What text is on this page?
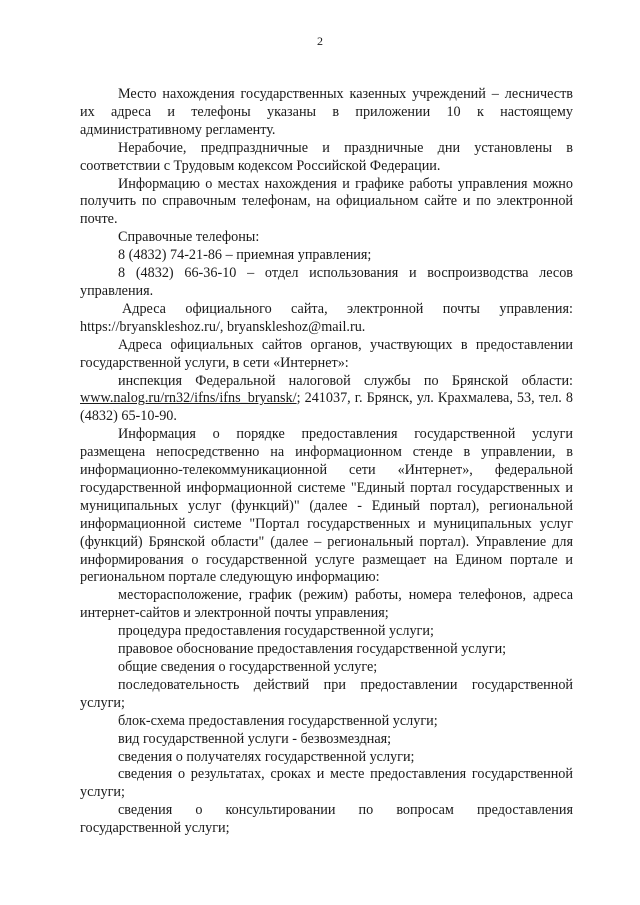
2

Место нахождения государственных казенных учреждений – лесничеств их адреса и телефоны указаны в приложении 10 к настоящему административному регламенту.

Нерабочие, предпраздничные и праздничные дни установлены в соответствии с Трудовым кодексом Российской Федерации.

Информацию о местах нахождения и графике работы управления можно получить по справочным телефонам, на официальном сайте и по электронной почте.

Справочные телефоны:

8 (4832) 74-21-86 – приемная управления;

8 (4832) 66-36-10 – отдел использования и воспроизводства лесов управления.

Адреса официального сайта, электронной почты управления: https://bryanskleshoz.ru/, bryanskleshoz@mail.ru.

Адреса официальных сайтов органов, участвующих в предоставлении государственной услуги, в сети «Интернет»:

инспекция Федеральной налоговой службы по Брянской области: www.nalog.ru/rn32/ifns/ifns_bryansk/; 241037, г. Брянск, ул. Крахмалева, 53, тел. 8 (4832) 65-10-90.

Информация о порядке предоставления государственной услуги размещена непосредственно на информационном стенде в управлении, в информационно-телекоммуникационной сети «Интернет», федеральной государственной информационной системе "Единый портал государственных и муниципальных услуг (функций)" (далее - Единый портал), региональной информационной системе "Портал государственных и муниципальных услуг (функций) Брянской области" (далее – региональный портал). Управление для информирования о государственной услуге размещает на Едином портале и региональном портале следующую информацию:

месторасположение, график (режим) работы, номера телефонов, адреса интернет-сайтов и электронной почты управления;

процедура предоставления государственной услуги;

правовое обоснование предоставления государственной услуги;

общие сведения о государственной услуге;

последовательность действий при предоставлении государственной услуги;

блок-схема предоставления государственной услуги;

вид государственной услуги - безвозмездная;

сведения о получателях государственной услуги;

сведения о результатах, сроках и месте предоставления государственной услуги;

сведения о консультировании по вопросам предоставления государственной услуги;
